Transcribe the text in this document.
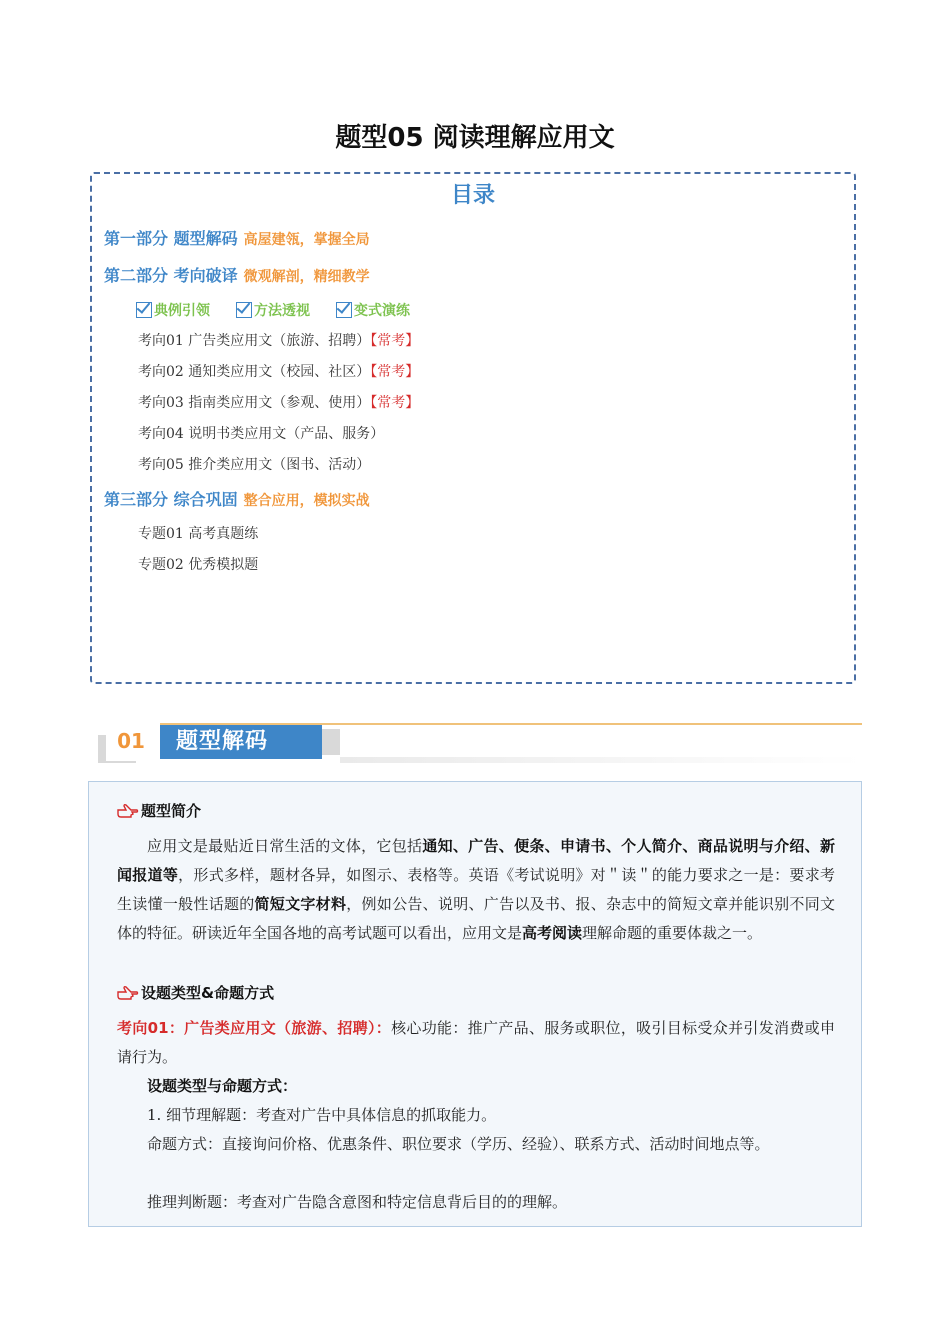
题型05 阅读理解应用文
目录
第一部分 题型解码 高屋建瓴，掌握全局
第二部分 考向破译 微观解剖，精细教学
典例引领	方法透视	变式演练
考向01 广告类应用文（旅游、招聘）【常考】
考向02 通知类应用文（校园、社区）【常考】
考向03 指南类应用文（参观、使用）【常考】
考向04 说明书类应用文（产品、服务）
考向05 推介类应用文（图书、活动）
第三部分 综合巩固 整合应用，模拟实战
专题01 高考真题练
专题02 优秀模拟题
01	题型解码
题型简介
应用文是最贴近日常生活的文体，它包括通知、广告、便条、申请书、个人简介、商品说明与介绍、新闻报道等，形式多样，题材各异，如图示、表格等。英语《考试说明》对＂读＂的能力要求之一是：要求考生读懂一般性话题的简短文字材料，例如公告、说明、广告以及书、报、杂志中的简短文章并能识别不同文体的特征。研读近年全国各地的高考试题可以看出，应用文是高考阅读理解命题的重要体裁之一。
设题类型&命题方式
考向01：广告类应用文（旅游、招聘）：核心功能：推广产品、服务或职位，吸引目标受众并引发消费或申请行为。
设题类型与命题方式：
1. 细节理解题：考查对广告中具体信息的抓取能力。
命题方式：直接询问价格、优惠条件、职位要求（学历、经验）、联系方式、活动时间地点等。
推理判断题：考查对广告隐含意图和特定信息背后目的的理解。
